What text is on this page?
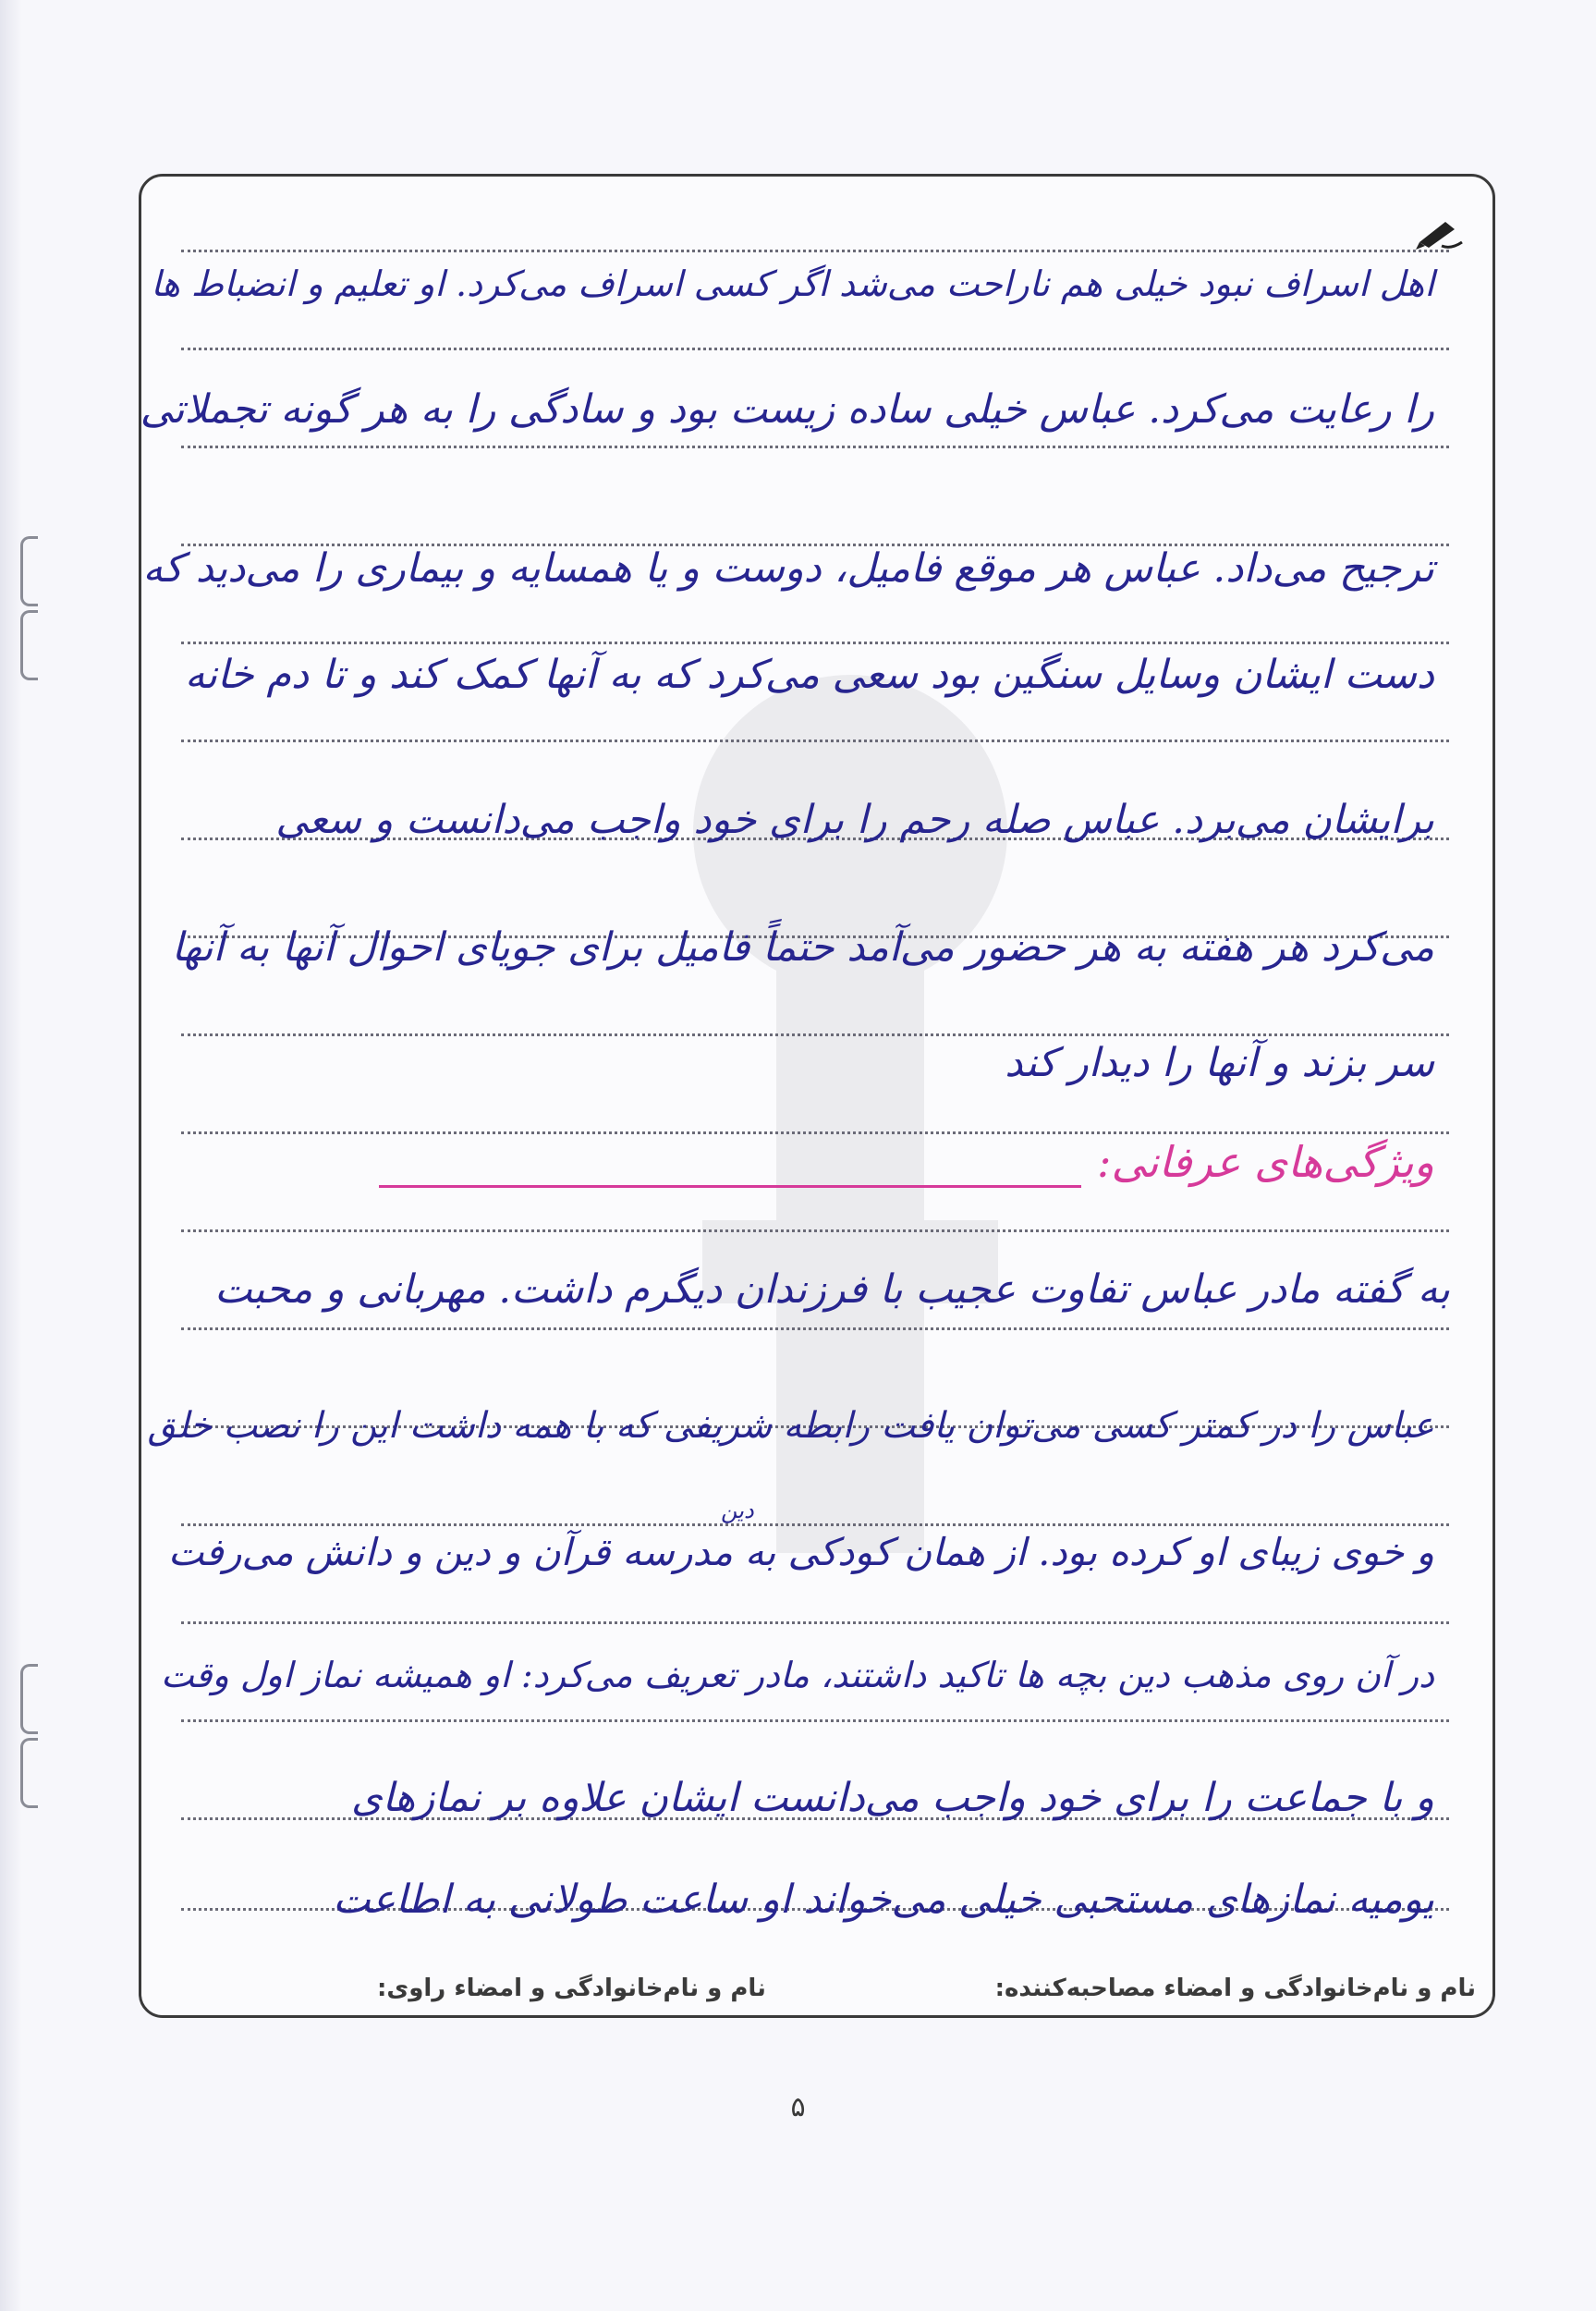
اهل اسراف نبود خیلی هم ناراحت می‌شد اگر کسی اسراف می‌کرد. او تعلیم و انضباط ها
را رعایت می‌کرد. عباس خیلی ساده زیست بود و سادگی را به هر گونه تجملاتی
ترجیح می‌داد. عباس هر موقع فامیل، دوست و یا همسایه و بیماری را می‌دید که
دست ایشان وسایل سنگین بود سعی می‌کرد که به آنها کمک کند و تا دم خانه
برایشان می‌برد. عباس صله رحم را برای خود واجب می‌دانست و سعی
می‌کرد هر هفته به هر حضور می‌آمد حتماً فامیل برای جویای احوال آنها به آنها
سر بزند و آنها را دیدار کند
ویژگی‌های عرفانی:
به گفته مادر عباس تفاوت عجیب با فرزندان دیگرم داشت. مهربانی و محبت
عباس را در کمتر کسی می‌توان یافت رابطه شریفی که با همه داشت این را نصب خلق
دین
و خوی زیبای او کرده بود. از همان کودکی به مدرسه قرآن و دین و دانش می‌رفت
در آن روی مذهب دین بچه ها تاکید داشتند، مادر تعریف می‌کرد: او همیشه نماز اول وقت
و با جماعت را برای خود واجب می‌دانست ایشان علاوه بر نمازهای
یومیه نمازهای مستحبی خیلی می‌خواند او ساعت طولانی به اطاعت
نام و نام‌خانوادگی و امضاء مصاحبه‌کننده:
نام و نام‌خانوادگی و امضاء راوی:
۵
